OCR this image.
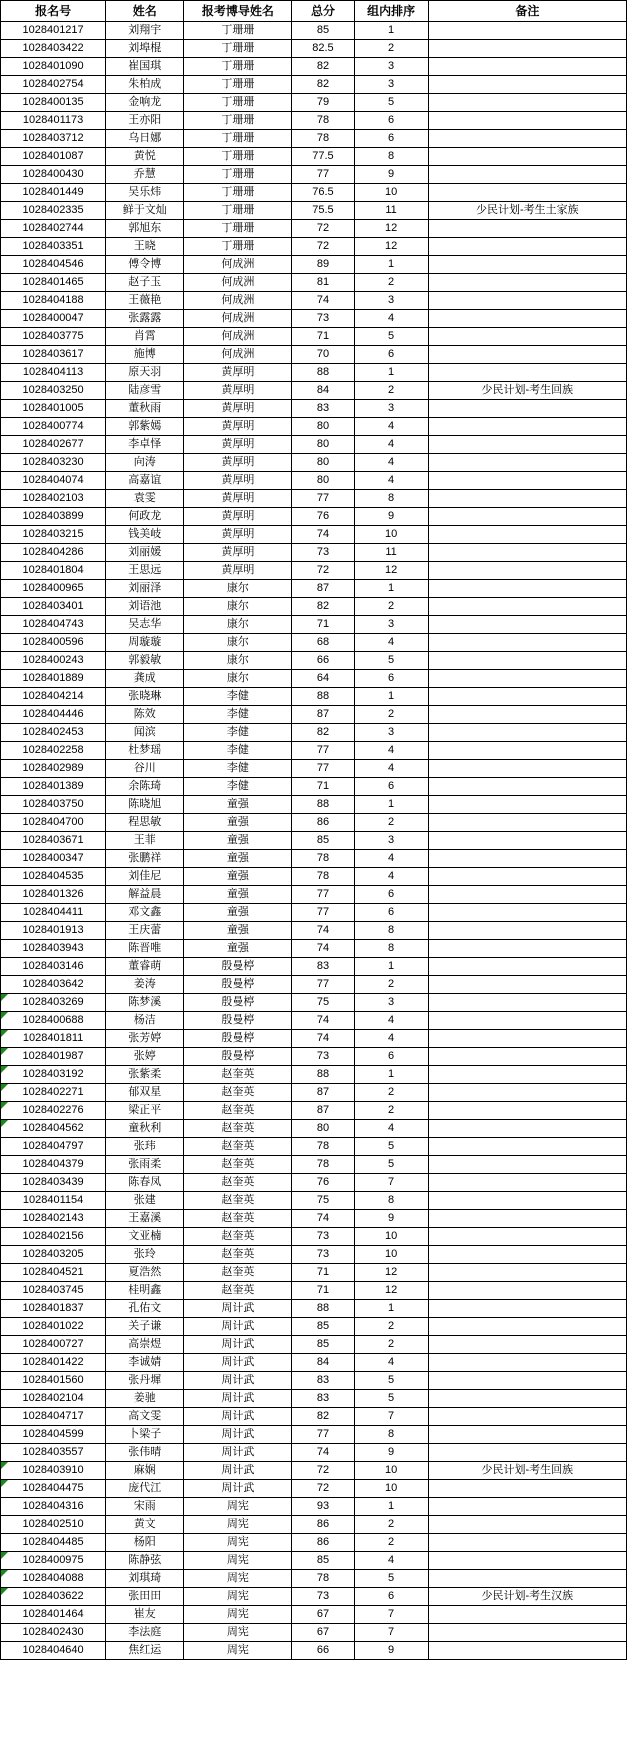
报名号	姓名	报考博导姓名	总分	组内排序	备注
1028401217	刘翔宇	丁珊珊	85	1	
1028403422	刘埠棍	丁珊珊	82.5	2	
1028401090	崔国琪	丁珊珊	82	3	
1028402754	朱柏成	丁珊珊	82	3	
1028400135	金响龙	丁珊珊	79	5	
1028401173	王亦阳	丁珊珊	78	6	
1028403712	乌日娜	丁珊珊	78	6	
1028401087	黄悦	丁珊珊	77.5	8	
1028400430	乔慧	丁珊珊	77	9	
1028401449	吴乐炜	丁珊珊	76.5	10	
1028402335	鲜于文灿	丁珊珊	75.5	11	少民计划-考生土家族
1028402744	郭旭东	丁珊珊	72	12	
1028403351	王晓	丁珊珊	72	12	
1028404546	傅令博	何成洲	89	1	
1028401465	赵子玉	何成洲	81	2	
1028404188	王薇艳	何成洲	74	3	
1028400047	张露露	何成洲	73	4	
1028403775	肖霄	何成洲	71	5	
1028403617	施博	何成洲	70	6	
1028404113	原天羽	黄厚明	88	1	
1028403250	陆彦雪	黄厚明	84	2	少民计划-考生回族
1028401005	董秋雨	黄厚明	83	3	
1028400774	郭紫嫣	黄厚明	80	4	
1028402677	李卓怿	黄厚明	80	4	
1028403230	向涛	黄厚明	80	4	
1028404074	高嘉谊	黄厚明	80	4	
1028402103	袁雯	黄厚明	77	8	
1028403899	何政龙	黄厚明	76	9	
1028403215	钱美岐	黄厚明	74	10	
1028404286	刘丽媛	黄厚明	73	11	
1028401804	王思远	黄厚明	72	12	
1028400965	刘丽泽	康尔	87	1	
1028403401	刘语池	康尔	82	2	
1028404743	吴志华	康尔	71	3	
1028400596	周璇璇	康尔	68	4	
1028400243	郭毅敏	康尔	66	5	
1028401889	龚成	康尔	64	6	
1028404214	张晓琳	李健	88	1	
1028404446	陈效	李健	87	2	
1028402453	闻滨	李健	82	3	
1028402258	杜梦瑶	李健	77	4	
1028402989	谷川	李健	77	4	
1028401389	余陈琦	李健	71	6	
1028403750	陈晓旭	童强	88	1	
1028404700	程思敏	童强	86	2	
1028403671	王菲	童强	85	3	
1028400347	张鹏祥	童强	78	4	
1028404535	刘佳尼	童强	78	4	
1028401326	解益晨	童强	77	6	
1028404411	邓文鑫	童强	77	6	
1028401913	王庆蕾	童强	74	8	
1028403943	陈晋唯	童强	74	8	
1028403146	董睿萌	殷曼楟	83	1	
1028403642	姜涛	殷曼楟	77	2	
1028403269	陈梦溪	殷曼楟	75	3	
1028400688	杨洁	殷曼楟	74	4	
1028401811	张芳婷	殷曼楟	74	4	
1028401987	张婷	殷曼楟	73	6	
1028403192	张紫柔	赵奎英	88	1	
1028402271	郁双星	赵奎英	87	2	
1028402276	梁正平	赵奎英	87	2	
1028404562	童秋利	赵奎英	80	4	
1028404797	张玮	赵奎英	78	5	
1028404379	张雨柔	赵奎英	78	5	
1028403439	陈春凤	赵奎英	76	7	
1028401154	张建	赵奎英	75	8	
1028402143	王嘉溪	赵奎英	74	9	
1028402156	文亚楠	赵奎英	73	10	
1028403205	张玲	赵奎英	73	10	
1028404521	夏浩然	赵奎英	71	12	
1028403745	桂明鑫	赵奎英	71	12	
1028401837	孔佑文	周计武	88	1	
1028401022	关子谦	周计武	85	2	
1028400727	高崇煜	周计武	85	2	
1028401422	李诚婧	周计武	84	4	
1028401560	张丹墀	周计武	83	5	
1028402104	姜驰	周计武	83	5	
1028404717	高文雯	周计武	82	7	
1028404599	卜梁子	周计武	77	8	
1028403557	张伟晴	周计武	74	9	
1028403910	麻娴	周计武	72	10	少民计划-考生回族
1028404475	庞代江	周计武	72	10	
1028404316	宋雨	周宪	93	1	
1028402510	黄文	周宪	86	2	
1028404485	杨阳	周宪	86	2	
1028400975	陈静弦	周宪	85	4	
1028404088	刘琪琦	周宪	78	5	
1028403622	张田田	周宪	73	6	少民计划-考生汉族
1028401464	崔友	周宪	67	7	
1028402430	李法庭	周宪	67	7	
1028404640	焦红运	周宪	66	9	
